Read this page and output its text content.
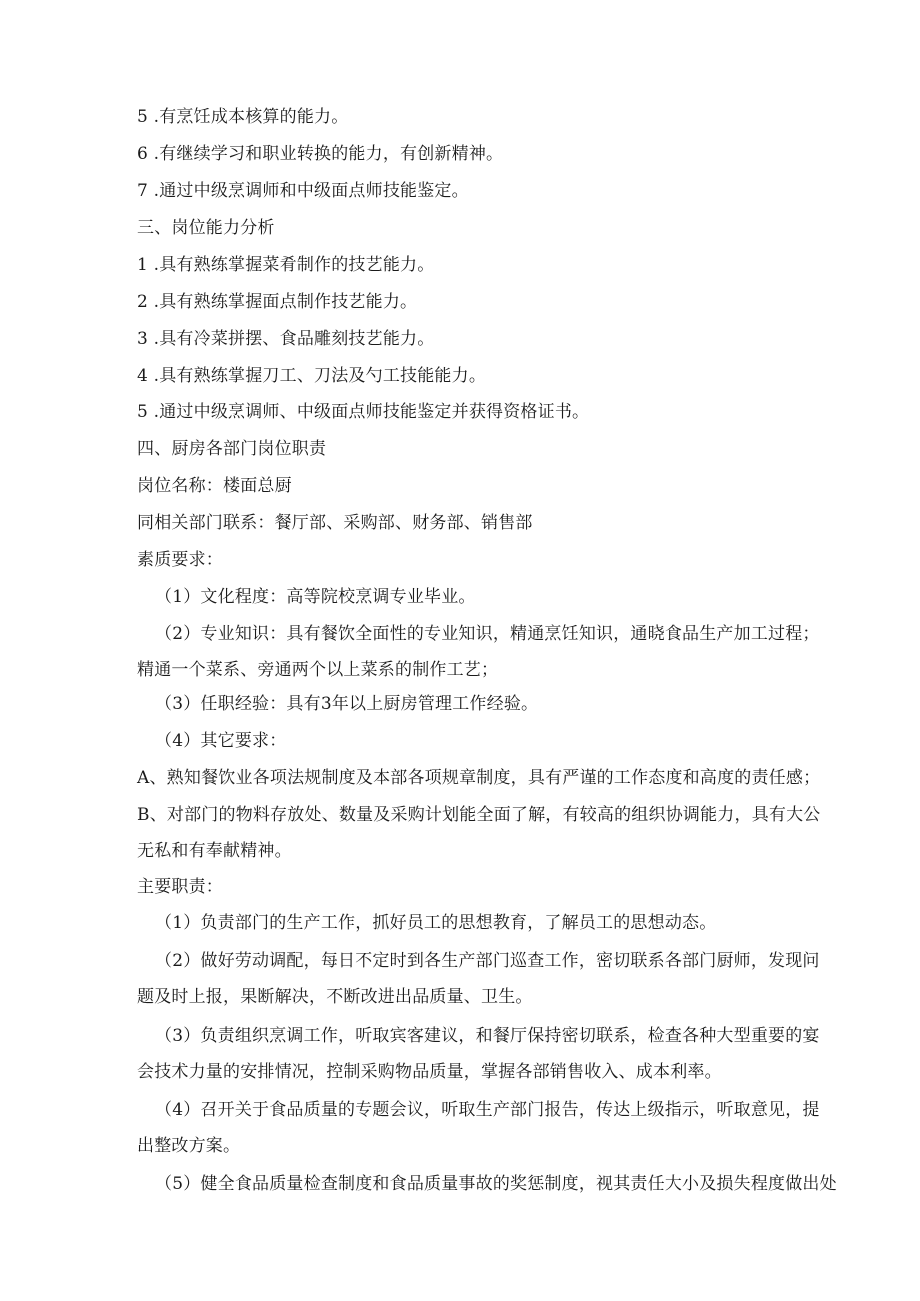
5 .有烹饪成本核算的能力。
6 .有继续学习和职业转换的能力，有创新精神。
7 .通过中级烹调师和中级面点师技能鉴定。
三、岗位能力分析
1 .具有熟练掌握菜肴制作的技艺能力。
2 .具有熟练掌握面点制作技艺能力。
3 .具有冷菜拼摆、食品雕刻技艺能力。
4 .具有熟练掌握刀工、刀法及勺工技能能力。
5 .通过中级烹调师、中级面点师技能鉴定并获得资格证书。
四、厨房各部门岗位职责
岗位名称：楼面总厨
同相关部门联系：餐厅部、采购部、财务部、销售部
素质要求：
（1）文化程度：高等院校烹调专业毕业。
（2）专业知识：具有餐饮全面性的专业知识，精通烹饪知识，通晓食品生产加工过程；精通一个菜系、旁通两个以上菜系的制作工艺；
（3）任职经验：具有3年以上厨房管理工作经验。
（4）其它要求：
A、熟知餐饮业各项法规制度及本部各项规章制度，具有严谨的工作态度和高度的责任感；
B、对部门的物料存放处、数量及采购计划能全面了解，有较高的组织协调能力，具有大公无私和有奉献精神。
主要职责：
（1）负责部门的生产工作，抓好员工的思想教育，了解员工的思想动态。
（2）做好劳动调配，每日不定时到各生产部门巡查工作，密切联系各部门厨师，发现问题及时上报，果断解决，不断改进出品质量、卫生。
（3）负责组织烹调工作，听取宾客建议，和餐厅保持密切联系，检查各种大型重要的宴会技术力量的安排情况，控制采购物品质量，掌握各部销售收入、成本利率。
（4）召开关于食品质量的专题会议，听取生产部门报告，传达上级指示，听取意见，提出整改方案。
（5）健全食品质量检查制度和食品质量事故的奖惩制度，视其责任大小及损失程度做出处
